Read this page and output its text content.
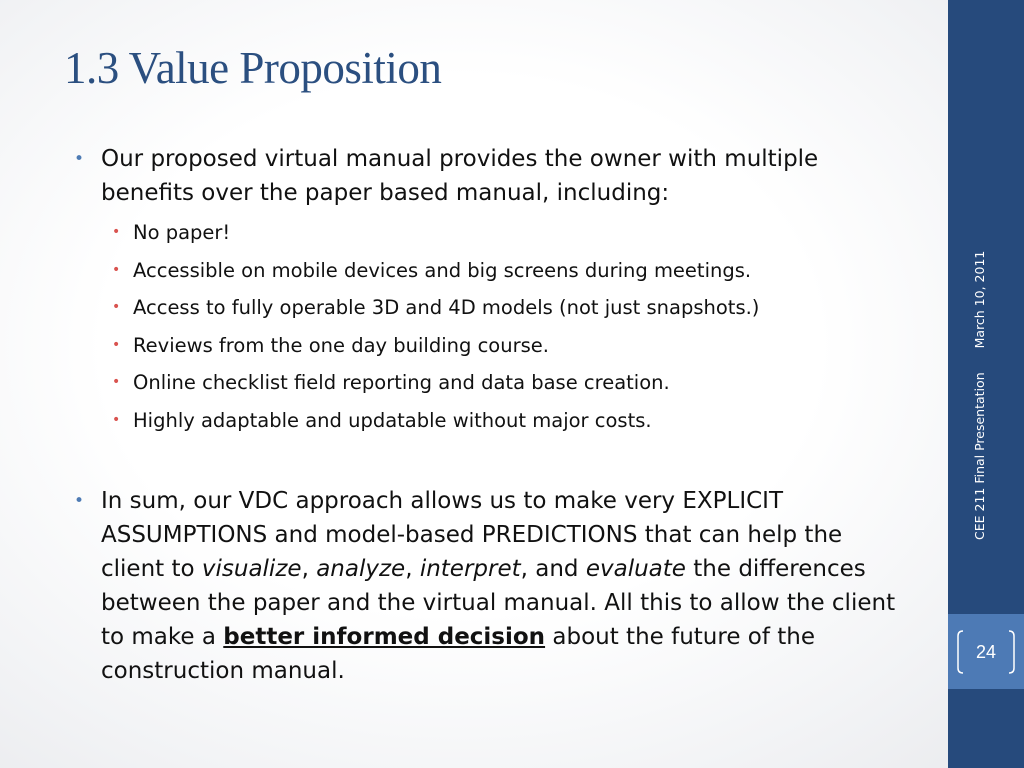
1.3 Value Proposition
• Our proposed virtual manual provides the owner with multiple benefits over the paper based manual, including:
• No paper!
• Accessible on mobile devices and big screens during meetings.
• Access to fully operable 3D and 4D models (not just snapshots.)
• Reviews from the one day building course.
• Online checklist field reporting and data base creation.
• Highly adaptable and updatable without major costs.
• In sum, our VDC approach allows us to make very EXPLICIT ASSUMPTIONS and model-based PREDICTIONS that can help the client to visualize, analyze, interpret, and evaluate the differences between the paper and the virtual manual. All this to allow the client to make a better informed decision about the future of the construction manual.
CEE 211 Final PresentationMarch 10, 2011
24
